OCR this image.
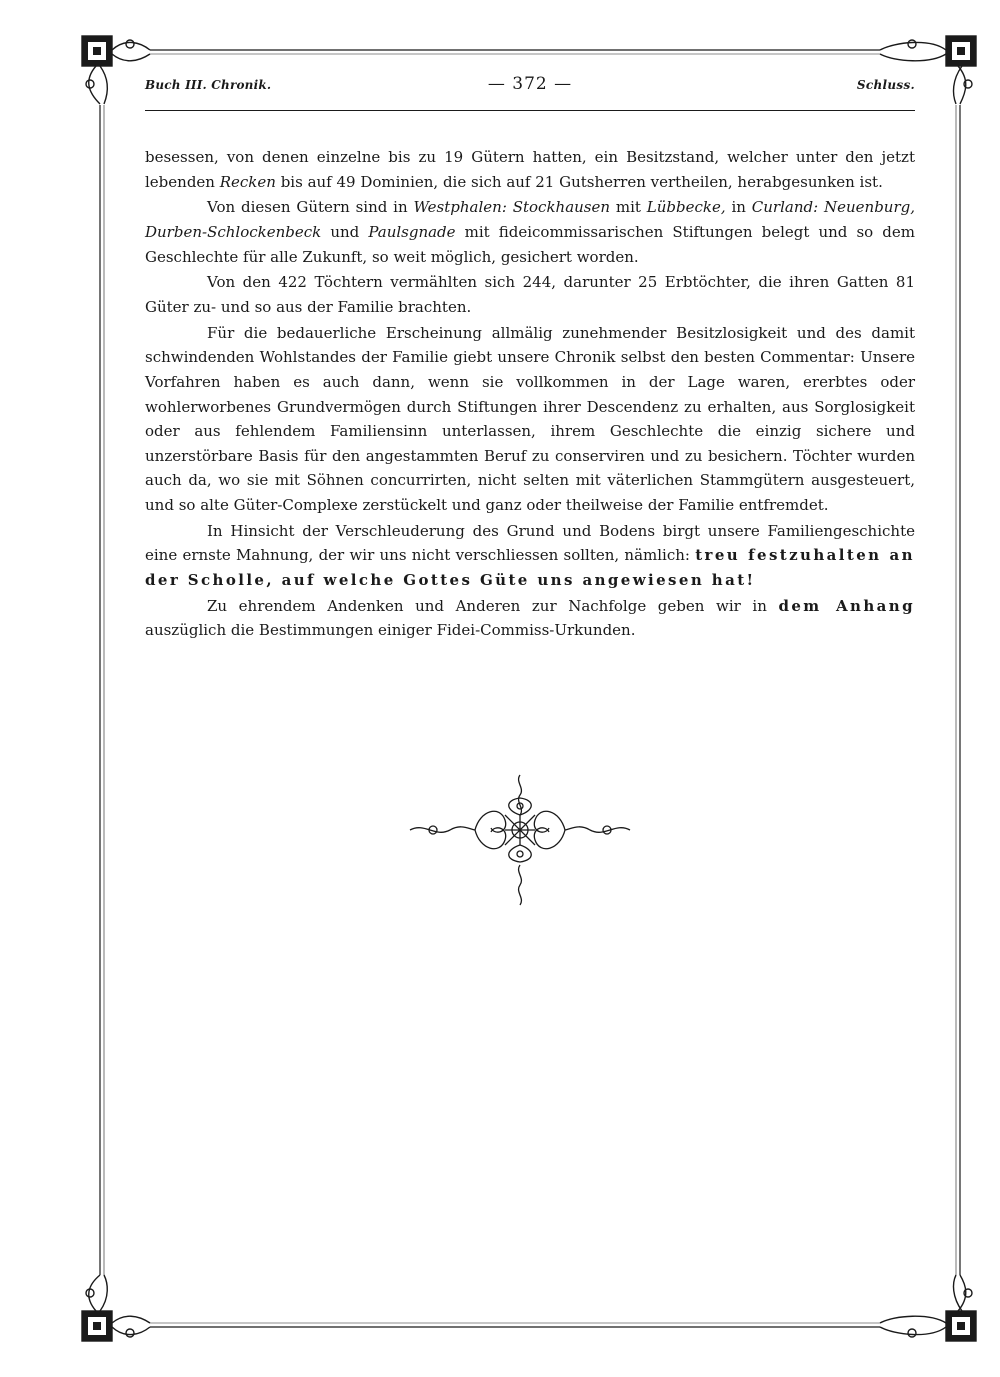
Buch III. Chronik.	— 372 —	Schluss.

besessen, von denen einzelne bis zu 19 Gütern hatten, ein Besitzstand, welcher unter den jetzt lebenden Recken bis auf 49 Dominien, die sich auf 21 Gutsherren vertheilen, herabgesunken ist.

Von diesen Gütern sind in Westphalen: Stockhausen mit Lübbecke, in Curland: Neuenburg, Durben-Schlockenbeck und Paulsgnade mit fideicommissarischen Stiftungen belegt und so dem Geschlechte für alle Zukunft, so weit möglich, gesichert worden.

Von den 422 Töchtern vermählten sich 244, darunter 25 Erbtöchter, die ihren Gatten 81 Güter zu- und so aus der Familie brachten.

Für die bedauerliche Erscheinung allmälig zunehmender Besitzlosigkeit und des damit schwindenden Wohlstandes der Familie giebt unsere Chronik selbst den besten Commentar: Unsere Vorfahren haben es auch dann, wenn sie vollkommen in der Lage waren, ererbtes oder wohlerworbenes Grundvermögen durch Stiftungen ihrer Descendenz zu erhalten, aus Sorglosigkeit oder aus fehlendem Familiensinn unterlassen, ihrem Geschlechte die einzig sichere und unzerstörbare Basis für den angestammten Beruf zu conserviren und zu besichern. Töchter wurden auch da, wo sie mit Söhnen concurrirten, nicht selten mit väterlichen Stammgütern ausgesteuert, und so alte Güter-Complexe zerstückelt und ganz oder theilweise der Familie entfremdet.

In Hinsicht der Verschleuderung des Grund und Bodens birgt unsere Familiengeschichte eine ernste Mahnung, der wir uns nicht verschliessen sollten, nämlich: treu festzuhalten an der Scholle, auf welche Gottes Güte uns angewiesen hat!

Zu ehrendem Andenken und Anderen zur Nachfolge geben wir in dem Anhang auszüglich die Bestimmungen einiger Fidei-Commiss-Urkunden.
